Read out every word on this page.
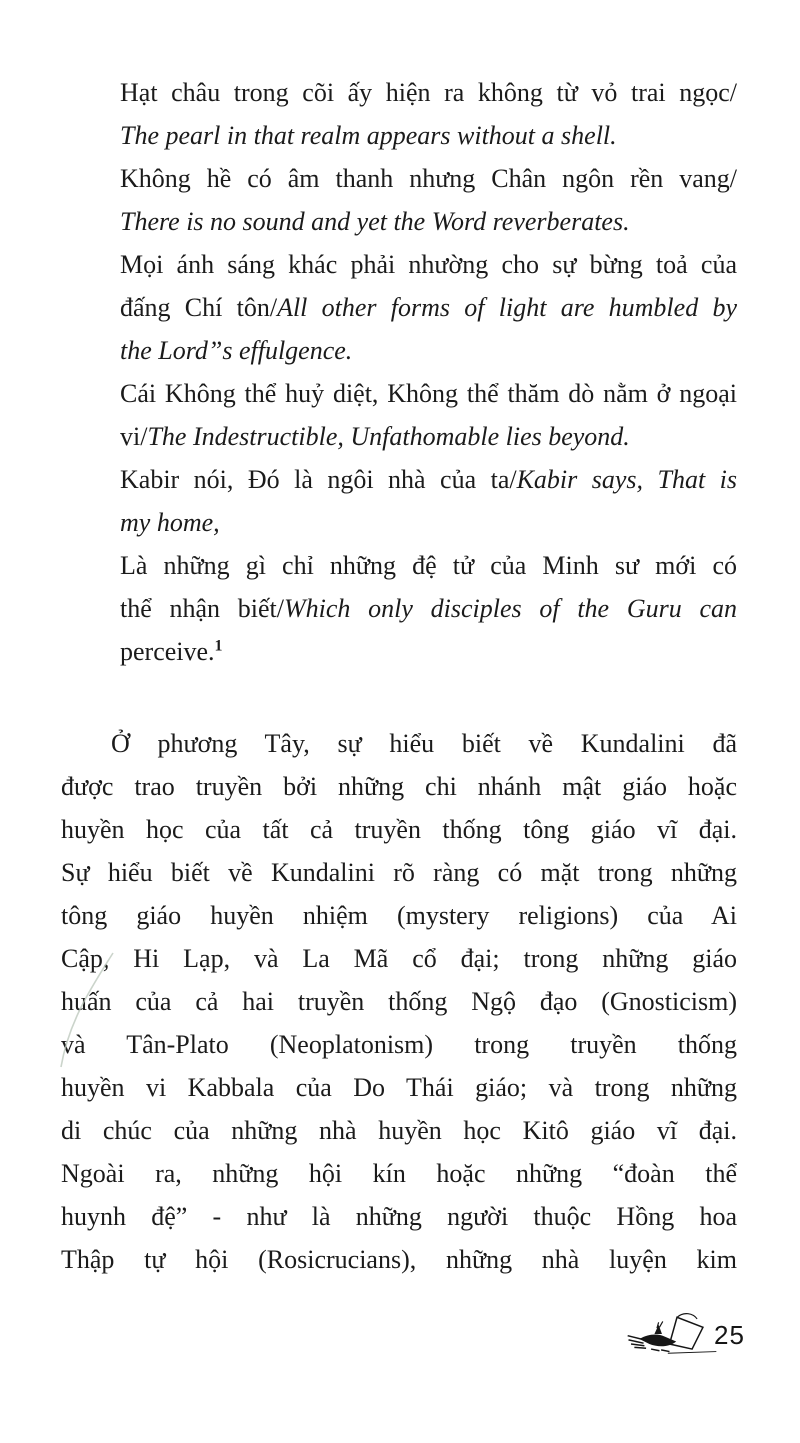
Hạt châu trong cõi ấy hiện ra không từ vỏ trai ngọc/
The pearl in that realm appears without a shell.
Không hề có âm thanh nhưng Chân ngôn rền vang/
There is no sound and yet the Word reverberates.
Mọi ánh sáng khác phải nhường cho sự bừng toả của
đấng Chí tôn/All other forms of light are humbled by
the Lord”s effulgence.
Cái Không thể huỷ diệt, Không thể thăm dò nằm ở ngoại
vi/The Indestructible, Unfathomable lies beyond.
Kabir nói, Đó là ngôi nhà của ta/Kabir says, That is
my home,
Là những gì chỉ những đệ tử của Minh sư mới có
thể nhận biết/Which only disciples of the Guru can
perceive.$^1$
Ở phương Tây, sự hiểu biết về Kundalini đã
được trao truyền bởi những chi nhánh mật giáo hoặc
huyền học của tất cả truyền thống tông giáo vĩ đại.
Sự hiểu biết về Kundalini rõ ràng có mặt trong những
tông giáo huyền nhiệm (mystery religions) của Ai
Cập, Hi Lạp, và La Mã cổ đại; trong những giáo
huấn của cả hai truyền thống Ngộ đạo (Gnosticism)
và Tân-Plato (Neoplatonism) trong truyền thống
huyền vi Kabbala của Do Thái giáo; và trong những
di chúc của những nhà huyền học Kitô giáo vĩ đại.
Ngoài ra, những hội kín hoặc những “đoàn thể
huynh đệ” - như là những người thuộc Hồng hoa
Thập tự hội (Rosicrucians), những nhà luyện kim
25
